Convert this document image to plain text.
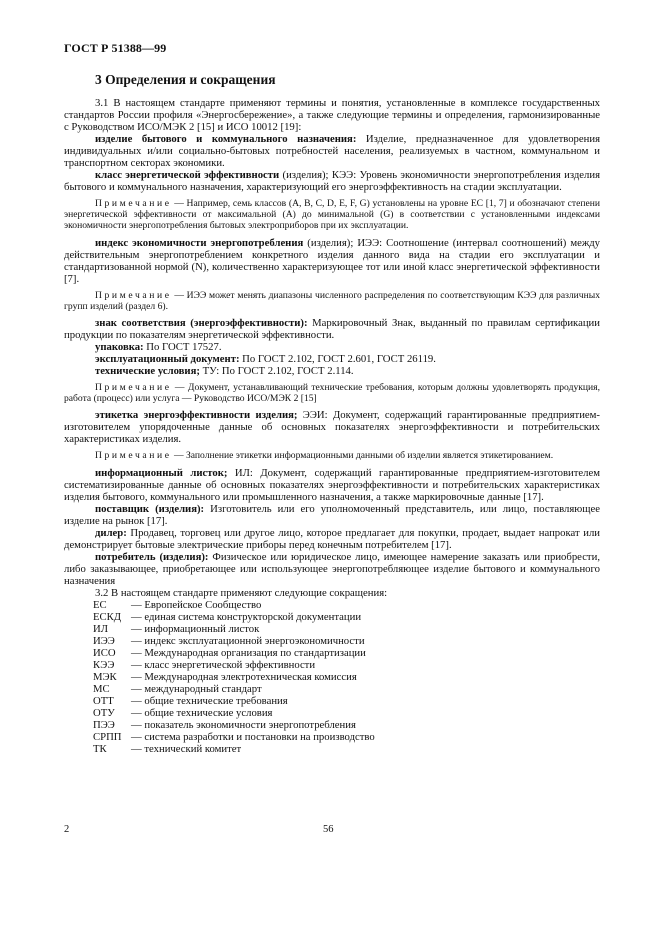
ГОСТ Р 51388—99
3 Определения и сокращения

3.1 В настоящем стандарте применяют термины и понятия, установленные в комплексе государственных стандартов России профиля «Энергосбережение», а также следующие термины и определения, гармонизированные с Руководством ИСО/МЭК 2 [15] и ИСО 10012 [19]:

изделие бытового и коммунального назначения: Изделие, предназначенное для удовлетворения индивидуальных и/или социально-бытовых потребностей населения, реализуемых в частном, коммунальном и транспортном секторах экономики.

класс энергетической эффективности (изделия); КЭЭ: Уровень экономичности энергопотребления изделия бытового и коммунального назначения, характеризующий его энергоэффективность на стадии эксплуатации.

Примечание — Например, семь классов (A, B, C, D, E, F, G) установлены на уровне ЕС [1, 7] и обозначают степени энергетической эффективности от максимальной (A) до минимальной (G) в соответствии с установленными индексами экономичности энергопотребления бытовых электроприборов при их эксплуатации.

индекс экономичности энергопотребления (изделия); ИЭЭ: Соотношение (интервал соотношений) между действительным энергопотреблением конкретного изделия данного вида на стадии его эксплуатации и стандартизованной нормой (N), количественно характеризующее тот или иной класс энергетической эффективности [7].

Примечание — ИЭЭ может менять диапазоны численного распределения по соответствующим КЭЭ для различных групп изделий (раздел 6).

знак соответствия (энергоэффективности): Маркировочный Знак, выданный по правилам сертификации продукции по показателям энергетической эффективности.

упаковка: По ГОСТ 17527.

эксплуатационный документ: По ГОСТ 2.102, ГОСТ 2.601, ГОСТ 26119.

технические условия; ТУ: По ГОСТ 2.102, ГОСТ 2.114.

Примечание — Документ, устанавливающий технические требования, которым должны удовлетворять продукция, работа (процесс) или услуга — Руководство ИСО/МЭК 2 [15]

этикетка энергоэффективности изделия; ЭЭИ: Документ, содержащий гарантированные предприятием-изготовителем упорядоченные данные об основных показателях энергоэффективности и потребительских характеристиках изделия.

Примечание — Заполнение этикетки информационными данными об изделии является этикетированием.

информационный листок; ИЛ: Документ, содержащий гарантированные предприятием-изготовителем систематизированные данные об основных показателях энергоэффективности и потребительских характеристиках изделия бытового, коммунального или промышленного назначения, а также маркировочные данные [17].

поставщик (изделия): Изготовитель или его уполномоченный представитель, или лицо, поставляющее изделие на рынок [17].

дилер: Продавец, торговец или другое лицо, которое предлагает для покупки, продает, выдает напрокат или демонстрирует бытовые электрические приборы перед конечным потребителем [17].

потребитель (изделия): Физическое или юридическое лицо, имеющее намерение заказать или приобрести, либо заказывающее, приобретающее или использующее энергопотребляющее изделие бытового и коммунального назначения

3.2 В настоящем стандарте применяют следующие сокращения:

ЕС	— Европейское Сообщество
ЕСКД — единая система конструкторской документации
ИЛ	— информационный листок
ИЭЭ	— индекс эксплуатационной энергоэкономичности
ИСО	— Международная организация по стандартизации
КЭЭ	— класс энергетической эффективности
МЭК	— Международная электротехническая комиссия
МС	— международный стандарт
ОТТ	— общие технические требования
ОТУ	— общие технические условия
ПЭЭ	— показатель экономичности энергопотребления
СРПП — система разработки и постановки на производство
ТК	— технический комитет
2	56
